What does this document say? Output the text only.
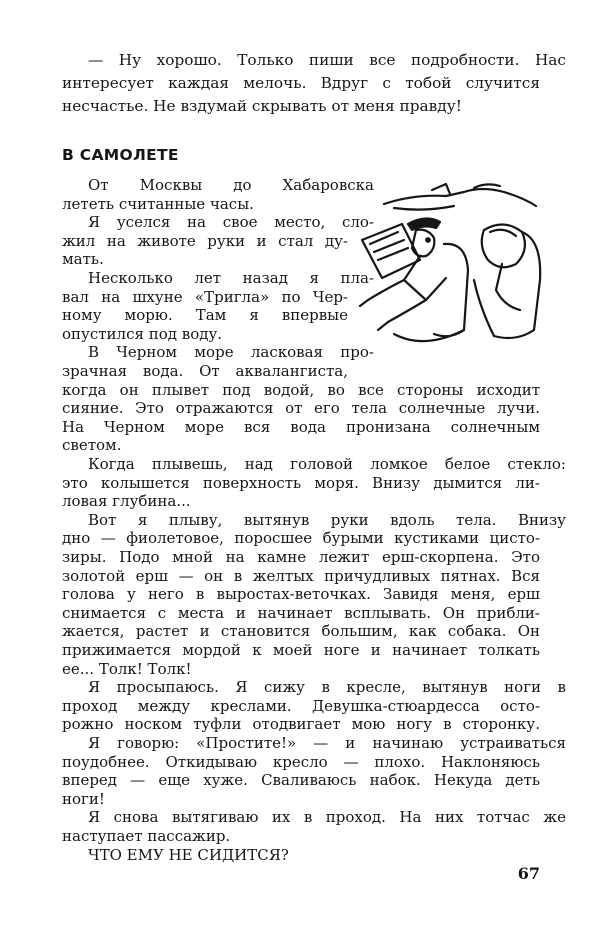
— Ну хорошо. Только пиши все подробности. Нас
интересует каждая мелочь. Вдруг с тобой случится
несчастье. Не вздумай скрывать от меня правду!
В САМОЛЕТЕ
От Москвы до Хабаровска
лететь считанные часы.
Я уселся на свое место, сло-
жил на животе руки и стал ду-
мать.
Несколько лет назад я пла-
вал на шхуне «Тригла» по Чер-
ному морю. Там я впервые
опустился под воду.
В Черном море ласковая про-
зрачная вода. От аквалангиста,
когда он плывет под водой, во все стороны исходит
сияние. Это отражаются от его тела солнечные лучи.
На Черном море вся вода пронизана солнечным
светом.
Когда плывешь, над головой ломкое белое стекло:
это колышется поверхность моря. Внизу дымится ли-
ловая глубина...
Вот я плыву, вытянув руки вдоль тела. Внизу
дно — фиолетовое, поросшее бурыми кустиками цисто-
зиры. Подо мной на камне лежит ерш-скорпена. Это
золотой ерш — он в желтых причудливых пятнах. Вся
голова у него в выростах-веточках. Завидя меня, ерш
снимается с места и начинает всплывать. Он прибли-
жается, растет и становится большим, как собака. Он
прижимается мордой к моей ноге и начинает толкать
ее... Толк! Толк!
Я просыпаюсь. Я сижу в кресле, вытянув ноги в
проход между креслами. Девушка-стюардесса осто-
рожно носком туфли отодвигает мою ногу в сторонку.
Я говорю: «Простите!» — и начинаю устраиваться
поудобнее. Откидываю кресло — плохо. Наклоняюсь
вперед — еще хуже. Сваливаюсь набок. Некуда деть
ноги!
Я снова вытягиваю их в проход. На них тотчас же
наступает пассажир.
ЧТО ЕМУ НЕ СИДИТСЯ?
67
